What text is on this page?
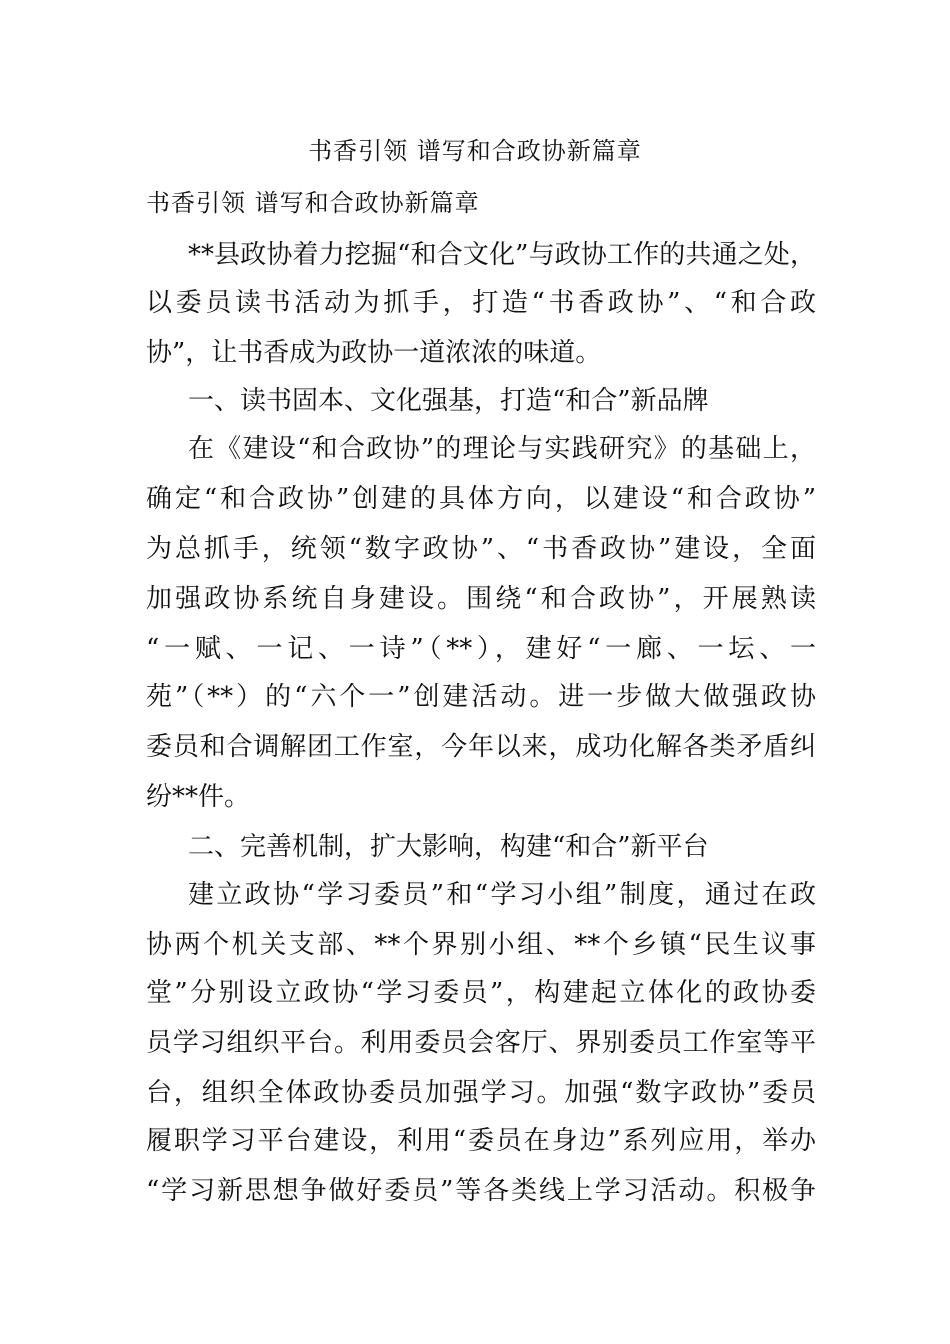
书香引领 谱写和合政协新篇章
书香引领 谱写和合政协新篇章
**县政协着力挖掘“和合文化”与政协工作的共通之处，
以委员读书活动为抓手，打造“书香政协”、“和合政
协”，让书香成为政协一道浓浓的味道。
一、读书固本、文化强基，打造“和合”新品牌
在《建设“和合政协”的理论与实践研究》的基础上，
确定“和合政协”创建的具体方向，以建设“和合政协”
为总抓手，统领“数字政协”、“书香政协”建设，全面
加强政协系统自身建设。围绕“和合政协”，开展熟读
“一赋、一记、一诗”（**），建好“一廊、一坛、一
苑”（**）的“六个一”创建活动。进一步做大做强政协
委员和合调解团工作室，今年以来，成功化解各类矛盾纠
纷**件。
二、完善机制，扩大影响，构建“和合”新平台
建立政协“学习委员”和“学习小组”制度，通过在政
协两个机关支部、**个界别小组、**个乡镇“民生议事
堂”分别设立政协“学习委员”，构建起立体化的政协委
员学习组织平台。利用委员会客厅、界别委员工作室等平
台，组织全体政协委员加强学习。加强“数字政协”委员
履职学习平台建设，利用“委员在身边”系列应用，举办
“学习新思想争做好委员”等各类线上学习活动。积极争
